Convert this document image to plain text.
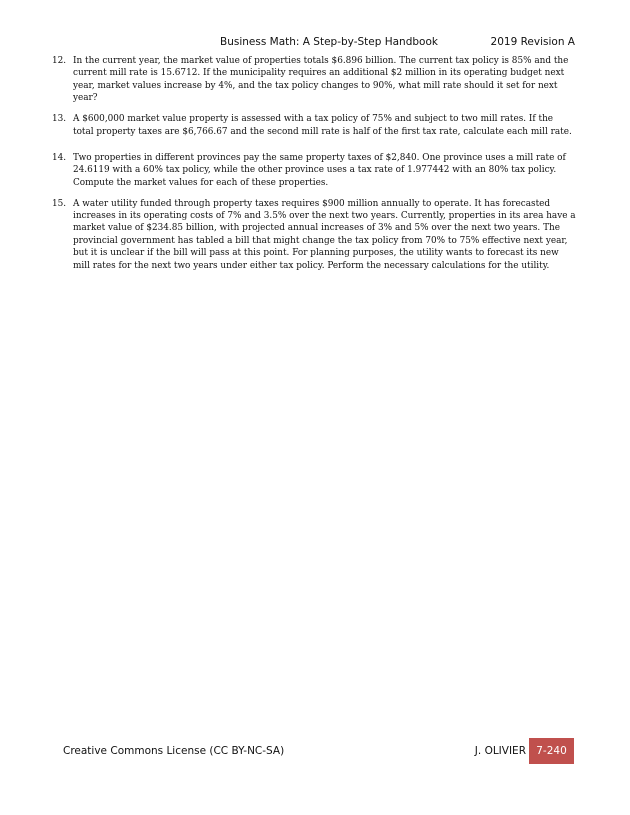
Business Math: A Step-by-Step Handbook	2019 Revision A
12. In the current year, the market value of properties totals $6.896 billion. The current tax policy is 85% and the current mill rate is 15.6712. If the municipality requires an additional $2 million in its operating budget next year, market values increase by 4%, and the tax policy changes to 90%, what mill rate should it set for next year?
13. A $600,000 market value property is assessed with a tax policy of 75% and subject to two mill rates. If the total property taxes are $6,766.67 and the second mill rate is half of the first tax rate, calculate each mill rate.
14. Two properties in different provinces pay the same property taxes of $2,840. One province uses a mill rate of 24.6119 with a 60% tax policy, while the other province uses a tax rate of 1.977442 with an 80% tax policy. Compute the market values for each of these properties.
15. A water utility funded through property taxes requires $900 million annually to operate. It has forecasted increases in its operating costs of 7% and 3.5% over the next two years. Currently, properties in its area have a market value of $234.85 billion, with projected annual increases of 3% and 5% over the next two years. The provincial government has tabled a bill that might change the tax policy from 70% to 75% effective next year, but it is unclear if the bill will pass at this point. For planning purposes, the utility wants to forecast its new mill rates for the next two years under either tax policy. Perform the necessary calculations for the utility.
Creative Commons License (CC BY-NC-SA)	J. OLIVIER 7-240
